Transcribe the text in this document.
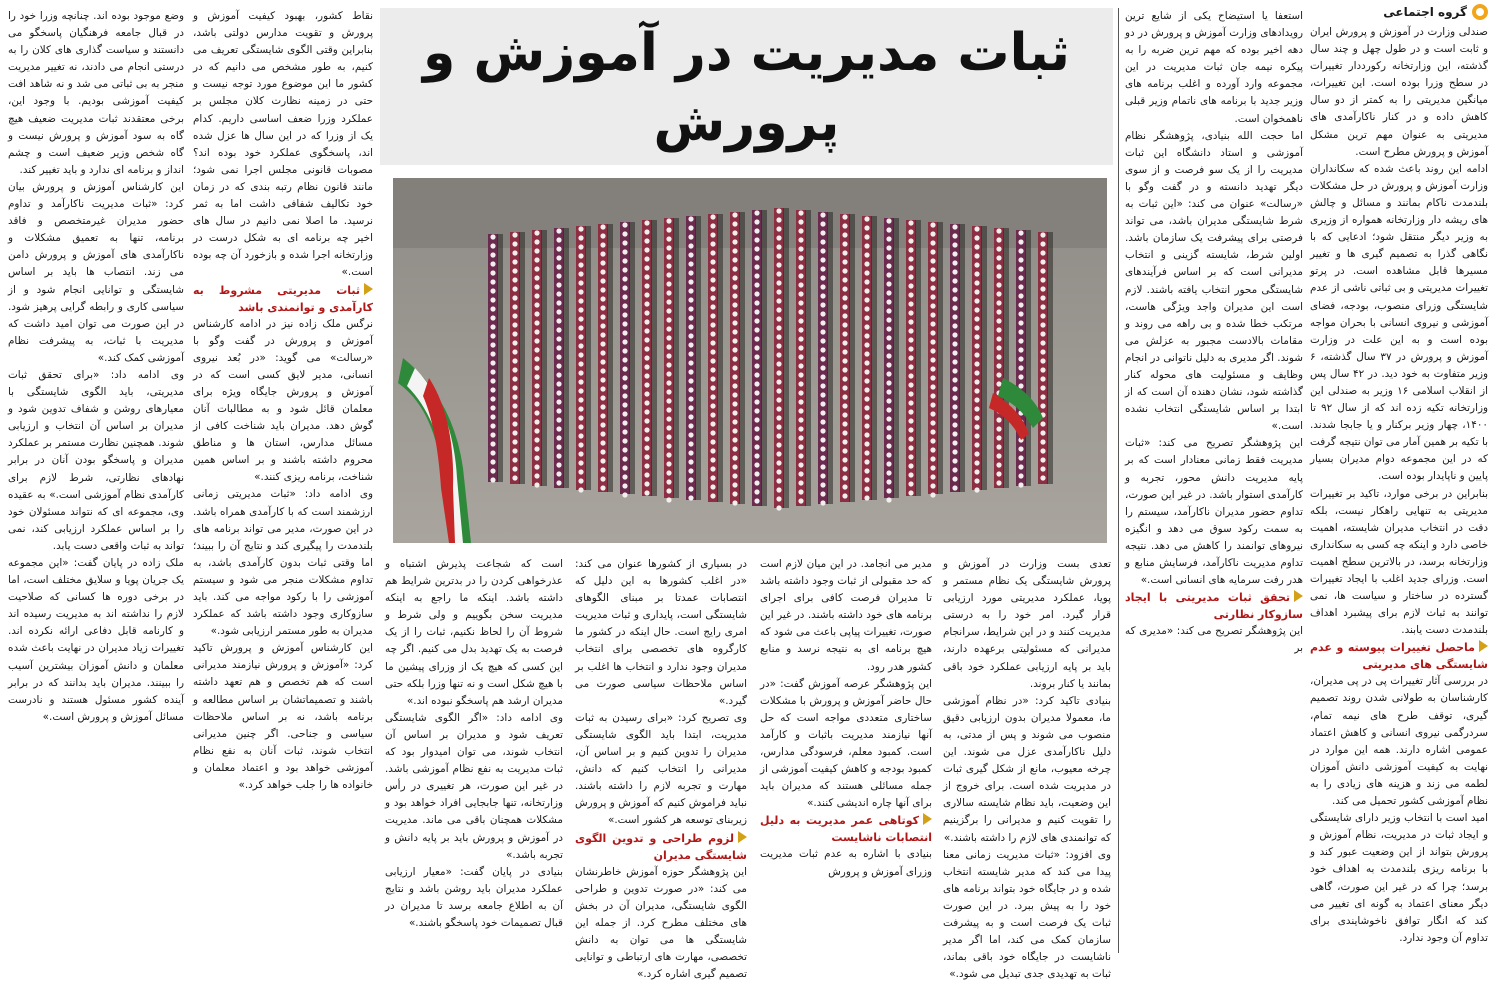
گروه اجتماعی
ثبات مدیریت در آموزش و پرورش

صندلی وزارت در آموزش و پرورش ایران و ثابت است و در طول چهل و چند سال گذشته، این وزارتخانه رکورددار تغییرات در سطح وزرا بوده است. این تغییرات، میانگین مدیریتی را به کمتر از دو سال کاهش داده و در کنار ناکارآمدی های مدیریتی به عنوان مهم ترین مشکل آموزش و پرورش مطرح است.

ادامه این روند باعث شده که سکانداران وزارت آموزش و پرورش در حل مشکلات بلندمدت ناکام بمانند و مسائل و چالش های ریشه دار وزارتخانه همواره از وزیری به وزیر دیگر منتقل شود؛ ادعایی که با نگاهی گذرا به تصمیم گیری ها و تغییر مسیرها قابل مشاهده است. در پرتو تغییرات مدیریتی و بی ثباتی ناشی از عدم شایستگی وزرای منصوب، بودجه، فضای آموزشی و نیروی انسانی با بحران مواجه بوده است و به این علت در وزارت آموزش و پرورش در ۳۷ سال گذشته، ۶ وزیر متفاوت به خود دید. در ۴۲ سال پس از انقلاب اسلامی ۱۶ وزیر به صندلی این وزارتخانه تکیه زده اند که از سال ۹۲ تا ۱۴۰۰، چهار وزیر برکنار و یا جابجا شدند. با تکیه بر همین آمار می توان نتیجه گرفت که در این مجموعه دوام مدیران بسیار پایین و ناپایدار بوده است.

بنابراین در برخی موارد، تاکید بر تغییرات مدیریتی به تنهایی راهکار نیست، بلکه دقت در انتخاب مدیران شایسته، اهمیت خاصی دارد و اینکه چه کسی به سکانداری وزارتخانه برسد، در بالاترین سطح اهمیت است. وزرای جدید اغلب با ایجاد تغییرات گسترده در ساختار و سیاست ها، نمی توانند به ثبات لازم برای پیشبرد اهداف بلندمدت دست یابند.

ماحصل تغییرات پیوسته و عدم شایستگی های مدیریتی

در بررسی آثار تغییرات پی در پی مدیران، کارشناسان به طولانی شدن روند تصمیم گیری، توقف طرح های نیمه تمام، سردرگمی نیروی انسانی و کاهش اعتماد عمومی اشاره دارند. همه این موارد در نهایت به کیفیت آموزشی دانش آموزان لطمه می زند و هزینه های زیادی را به نظام آموزشی کشور تحمیل می کند.

امید است با انتخاب وزیر دارای شایستگی و ایجاد ثبات در مدیریت، نظام آموزش و پرورش بتواند از این وضعیت عبور کند و با برنامه ریزی بلندمدت به اهداف خود برسد؛ چرا که در غیر این صورت، گاهی دیگر معنای اعتماد به گونه ای تغییر می کند که انگار توافق ناخوشایندی برای تداوم آن وجود ندارد.

تعدی بست وزارت در آموزش و پرورش شایستگی یک نظام مستمر و پویا، عملکرد مدیریتی مورد ارزیابی قرار گیرد. امر خود را به درستی مدیریت کنند و در این شرایط، سرانجام مدیرانی که مسئولیتی برعهده دارند، باید بر پایه ارزیابی عملکرد خود باقی بمانند یا کنار بروند.

بنیادی تاکید کرد: «در نظام آموزشی ما، معمولا مدیران بدون ارزیابی دقیق منصوب می شوند و پس از مدتی، به دلیل ناکارآمدی عزل می شوند. این چرخه معیوب، مانع از شکل گیری ثبات در مدیریت شده است. برای خروج از این وضعیت، باید نظام شایسته سالاری را تقویت کنیم و مدیرانی را برگزینیم که توانمندی های لازم را داشته باشند.»

وی افزود: «ثبات مدیریت زمانی معنا پیدا می کند که مدیر شایسته انتخاب شده و در جایگاه خود بتواند برنامه های خود را به پیش ببرد. در این صورت ثبات یک فرصت است و به پیشرفت سازمان کمک می کند، اما اگر مدیر ناشایست در جایگاه خود باقی بماند، ثبات به تهدیدی جدی تبدیل می شود.»

مدیر می انجامد. در این میان لازم است که حد مقبولی از ثبات وجود داشته باشد تا مدیران فرصت کافی برای اجرای برنامه های خود داشته باشند. در غیر این صورت، تغییرات پیاپی باعث می شود که هیچ برنامه ای به نتیجه نرسد و منابع کشور هدر رود.

این پژوهشگر عرصه آموزش گفت: «در حال حاضر آموزش و پرورش با مشکلات ساختاری متعددی مواجه است که حل آنها نیازمند مدیریت باثبات و کارآمد است. کمبود معلم، فرسودگی مدارس، کمبود بودجه و کاهش کیفیت آموزشی از جمله مسائلی هستند که مدیران باید برای آنها چاره اندیشی کنند.»

کوتاهی عمر مدیریت به دلیل انتصابات ناشایست

بنیادی با اشاره به عدم ثبات مدیریت وزرای آموزش و پرورش

در بسیاری از کشورها عنوان می کند: «در اغلب کشورها به این دلیل که انتصابات عمدتا بر مبنای الگوهای شایستگی است، پایداری و ثبات مدیریت امری رایج است. حال اینکه در کشور ما کارگروه های تخصصی برای انتخاب مدیران وجود ندارد و انتخاب ها اغلب بر اساس ملاحظات سیاسی صورت می گیرد.»

وی تصریح کرد: «برای رسیدن به ثبات مدیریت، ابتدا باید الگوی شایستگی مدیران را تدوین کنیم و بر اساس آن، مدیرانی را انتخاب کنیم که دانش، مهارت و تجربه لازم را داشته باشند. نباید فراموش کنیم که آموزش و پرورش زیربنای توسعه هر کشور است.»

لزوم طراحی و تدوین الگوی شایستگی مدیران

این پژوهشگر حوزه آموزش خاطرنشان می کند: «در صورت تدوین و طراحی الگوی شایستگی، مدیران آن در بخش های مختلف مطرح کرد. از جمله این شایستگی ها می توان به دانش تخصصی، مهارت های ارتباطی و توانایی تصمیم گیری اشاره کرد.»

است که شجاعت پذیرش اشتباه و عذرخواهی کردن را در بدترین شرایط هم داشته باشد. اینکه ما راجع به اینکه مدیریت سخن بگوییم و ولی شرط و شروط آن را لحاظ نکنیم، ثبات را از یک فرصت به یک تهدید بدل می کنیم. اگر چه این کسی که هیچ یک از وزرای پیشین ما با هیچ شکل است و نه تنها وزرا بلکه حتی مدیران ارشد هم پاسخگو نبوده اند.»

وی ادامه داد: «اگر الگوی شایستگی تعریف شود و مدیران بر اساس آن انتخاب شوند، می توان امیدوار بود که ثبات مدیریت به نفع نظام آموزشی باشد. در غیر این صورت، هر تغییری در رأس وزارتخانه، تنها جابجایی افراد خواهد بود و مشکلات همچنان باقی می ماند. مدیریت در آموزش و پرورش باید بر پایه دانش و تجربه باشد.»

بنیادی در پایان گفت: «معیار ارزیابی عملکرد مدیران باید روشن باشد و نتایج آن به اطلاع جامعه برسد تا مدیران در قبال تصمیمات خود پاسخگو باشند.»

نقاط کشور، بهبود کیفیت آموزش و پرورش و تقویت مدارس دولتی باشد، بنابراین وقتی الگوی شایستگی تعریف می کنیم، به طور مشخص می دانیم که در کشور ما این موضوع مورد توجه نیست و حتی در زمینه نظارت کلان مجلس بر عملکرد وزرا ضعف اساسی داریم. کدام یک از وزرا که در این سال ها عزل شده اند، پاسخگوی عملکرد خود بوده اند؟ مصوبات قانونی مجلس اجرا نمی شود؛ مانند قانون نظام رتبه بندی که در زمان خود تکالیف شفافی داشت اما به ثمر نرسید. ما اصلا نمی دانیم در سال های اخیر چه برنامه ای به شکل درست در وزارتخانه اجرا شده و بازخورد آن چه بوده است.»

ثبات مدیریتی مشروط به کارآمدی و توانمندی باشد

نرگس ملک زاده نیز در ادامه کارشناس آموزش و پرورش در گفت وگو با «رسالت» می گوید: «در بُعد نیروی انسانی، مدیر لایق کسی است که در آموزش و پرورش جایگاه ویژه برای معلمان قائل شود و به مطالبات آنان گوش دهد. مدیران باید شناخت کافی از مسائل مدارس، استان ها و مناطق محروم داشته باشند و بر اساس همین شناخت، برنامه ریزی کنند.»

وی ادامه داد: «ثبات مدیریتی زمانی ارزشمند است که با کارآمدی همراه باشد. در این صورت، مدیر می تواند برنامه های بلندمدت را پیگیری کند و نتایج آن را ببیند؛ اما وقتی ثبات بدون کارآمدی باشد، به تداوم مشکلات منجر می شود و سیستم آموزشی را با رکود مواجه می کند. باید سازوکاری وجود داشته باشد که عملکرد مدیران به طور مستمر ارزیابی شود.»

این کارشناس آموزش و پرورش تاکید کرد: «آموزش و پرورش نیازمند مدیرانی است که هم تخصص و هم تعهد داشته باشند و تصمیماتشان بر اساس مطالعه و برنامه باشد، نه بر اساس ملاحظات سیاسی و جناحی. اگر چنین مدیرانی انتخاب شوند، ثبات آنان به نفع نظام آموزشی خواهد بود و اعتماد معلمان و خانواده ها را جلب خواهد کرد.»

وضع موجود بوده اند. چنانچه وزرا خود را در قبال جامعه فرهنگیان پاسخگو می دانستند و سیاست گذاری های کلان را به درستی انجام می دادند، نه تغییر مدیریت منجر به بی ثباتی می شد و نه شاهد افت کیفیت آموزشی بودیم. با وجود این، برخی معتقدند ثبات مدیریت ضعیف هیچ گاه به سود آموزش و پرورش نیست و گاه شخص وزیر ضعیف است و چشم انداز و برنامه ای ندارد و باید تغییر کند.

این کارشناس آموزش و پرورش بیان کرد: «ثبات مدیریت ناکارآمد و تداوم حضور مدیران غیرمتخصص و فاقد برنامه، تنها به تعمیق مشکلات و ناکارآمدی های آموزش و پرورش دامن می زند. انتصاب ها باید بر اساس شایستگی و توانایی انجام شود و از سیاسی کاری و رابطه گرایی پرهیز شود. در این صورت می توان امید داشت که مدیریت با ثبات، به پیشرفت نظام آموزشی کمک کند.»

وی ادامه داد: «برای تحقق ثبات مدیریتی، باید الگوی شایستگی با معیارهای روشن و شفاف تدوین شود و مدیران بر اساس آن انتخاب و ارزیابی شوند. همچنین نظارت مستمر بر عملکرد مدیران و پاسخگو بودن آنان در برابر نهادهای نظارتی، شرط لازم برای کارآمدی نظام آموزشی است.» به عقیده وی، مجموعه ای که نتواند مسئولان خود را بر اساس عملکرد ارزیابی کند، نمی تواند به ثبات واقعی دست یابد.

ملک زاده در پایان گفت: «این مجموعه یک جریان پویا و سلایق مختلف است، اما در برخی دوره ها کسانی که صلاحیت لازم را نداشته اند به مدیریت رسیده اند و کارنامه قابل دفاعی ارائه نکرده اند. تغییرات زیاد مدیران در نهایت باعث شده معلمان و دانش آموزان بیشترین آسیب را ببینند. مدیران باید بدانند که در برابر آینده کشور مسئول هستند و نادرست مسائل آموزش و پرورش است.»

استعفا یا استیضاح یکی از شایع ترین رویدادهای وزارت آموزش و پرورش در دو دهه اخیر بوده که مهم ترین ضربه را به پیکره نیمه جان ثبات مدیریت در این مجموعه وارد آورده و اغلب برنامه های وزیر جدید با برنامه های ناتمام وزیر قبلی ناهمخوان است.

اما حجت الله بنیادی، پژوهشگر نظام آموزشی و استاد دانشگاه این ثبات مدیریت را از یک سو فرصت و از سوی دیگر تهدید دانسته و در گفت وگو با «رسالت» عنوان می کند: «این ثبات به شرط شایستگی مدیران باشد، می تواند فرصتی برای پیشرفت یک سازمان باشد. اولین شرط، شایسته گزینی و انتخاب مدیرانی است که بر اساس فرآیندهای شایستگی محور انتخاب یافته باشند. لازم است این مدیران واجد ویژگی هاست، مرتکب خطا شده و بی راهه می روند و مقامات بالادست مجبور به عزلش می شوند. اگر مدیری به دلیل ناتوانی در انجام وظایف و مسئولیت های محوله کنار گذاشته شود، نشان دهنده آن است که از ابتدا بر اساس شایستگی انتخاب نشده است.»

این پژوهشگر تصریح می کند: «ثبات مدیریت فقط زمانی معنادار است که بر پایه مدیریت دانش محور، تجربه و کارآمدی استوار باشد. در غیر این صورت، تداوم حضور مدیران ناکارآمد، سیستم را به سمت رکود سوق می دهد و انگیزه نیروهای توانمند را کاهش می دهد. نتیجه تداوم مدیریت ناکارآمد، فرسایش منابع و هدر رفت سرمایه های انسانی است.»

تحقق ثبات مدیریتی با ایجاد سازوکار نظارتی

این پژوهشگر تصریح می کند: «مدیری که بر
